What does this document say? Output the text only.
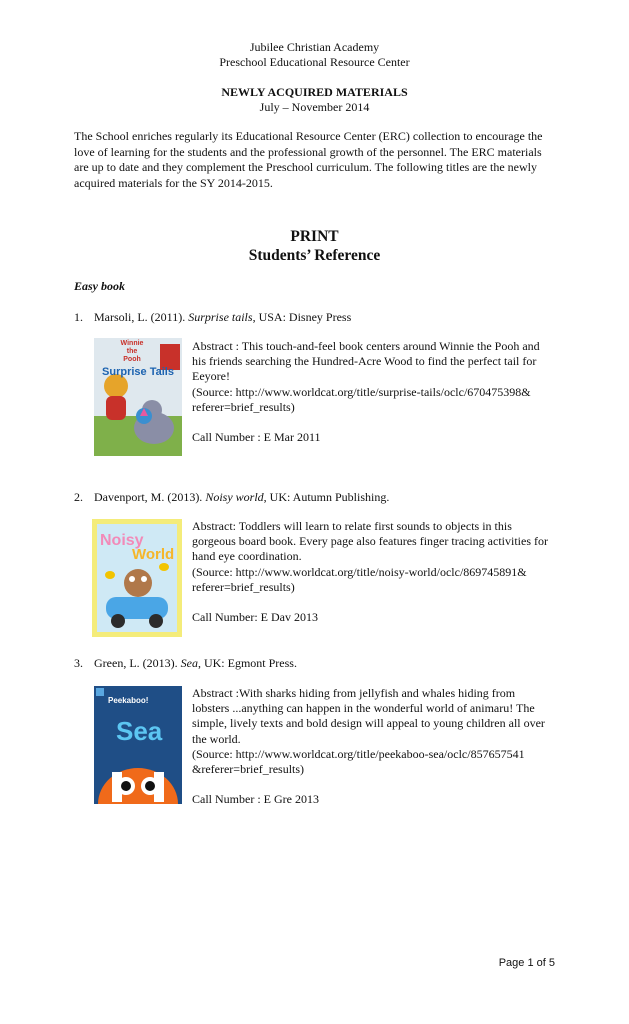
Jubilee Christian Academy
Preschool Educational Resource Center
NEWLY ACQUIRED MATERIALS
July – November 2014
The School enriches regularly its Educational Resource Center (ERC) collection to encourage the love of learning for the students and the professional growth of the personnel. The ERC materials are up to date and they complement the Preschool curriculum. The following titles are the newly acquired materials for the SY 2014-2015.
PRINT
Students’ Reference
Easy book
1. Marsoli, L. (2011). Surprise tails, USA: Disney Press
Winnie
the
Pooh
Surprise Tails

Abstract : This touch-and-feel book centers around Winnie the Pooh and his friends searching the Hundred-Acre Wood to find the perfect tail for Eeyore!

(Source: http://www.worldcat.org/title/surprise-tails/oclc/670475398&

referer=brief_results)

Call Number : E Mar 2011
2. Davenport, M. (2013). Noisy world, UK: Autumn Publishing.
Noisy
World

Abstract: Toddlers will learn to relate first sounds to objects in this gorgeous board book. Every page also features finger tracing activities for hand eye coordination.

(Source: http://www.worldcat.org/title/noisy-world/oclc/869745891&

referer=brief_results)

Call Number: E Dav 2013
3. Green, L. (2013). Sea, UK: Egmont Press.
Peekaboo!
Sea

Abstract :With sharks hiding from jellyfish and whales hiding from lobsters ...anything can happen in the wonderful world of animaru! The simple, lively texts and bold design will appeal to young children all over the world.

(Source: http://www.worldcat.org/title/peekaboo-sea/oclc/857657541

&referer=brief_results)

Call Number : E Gre 2013
Page 1 of 5
